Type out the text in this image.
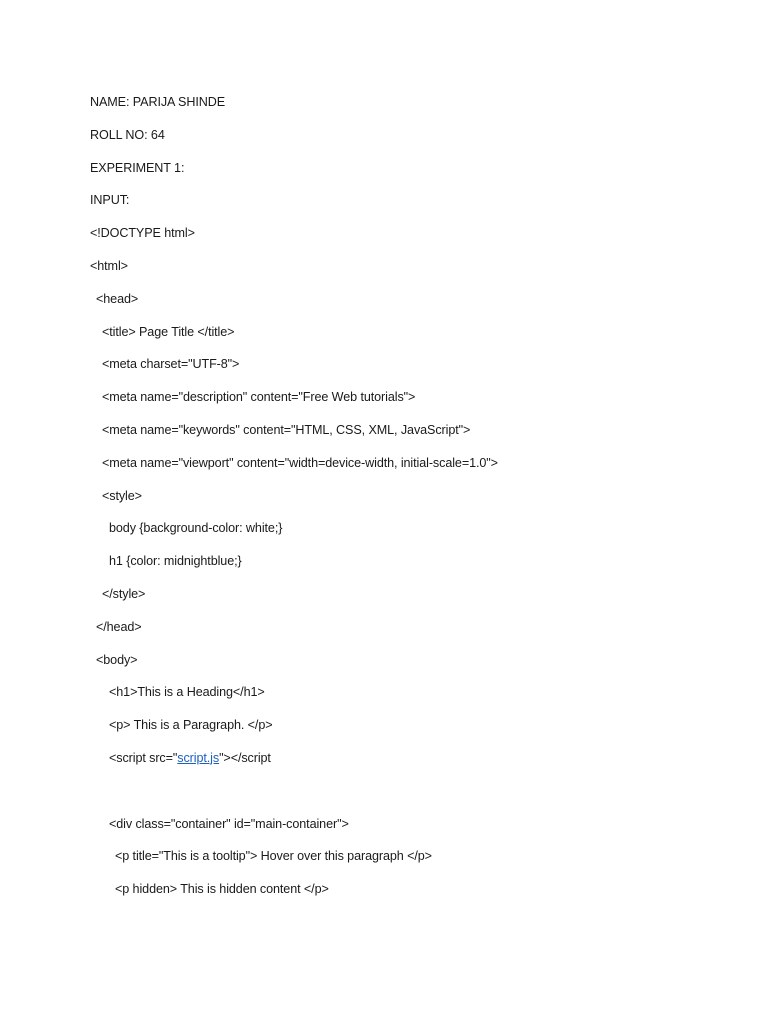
NAME: PARIJA SHINDE
ROLL NO: 64
EXPERIMENT 1:
INPUT:
<!DOCTYPE html>
<html>
<head>
<title> Page Title </title>
<meta charset="UTF-8">
<meta name="description" content="Free Web tutorials">
<meta name="keywords" content="HTML, CSS, XML, JavaScript">
<meta name="viewport" content="width=device-width, initial-scale=1.0">
<style>
body {background-color: white;}
h1 {color: midnightblue;}
</style>
</head>
<body>
<h1>This is a Heading</h1>
<p> This is a Paragraph. </p>
<script src="script.js"></script
<div class="container" id="main-container">
<p title="This is a tooltip"> Hover over this paragraph </p>
<p hidden> This is hidden content </p>
